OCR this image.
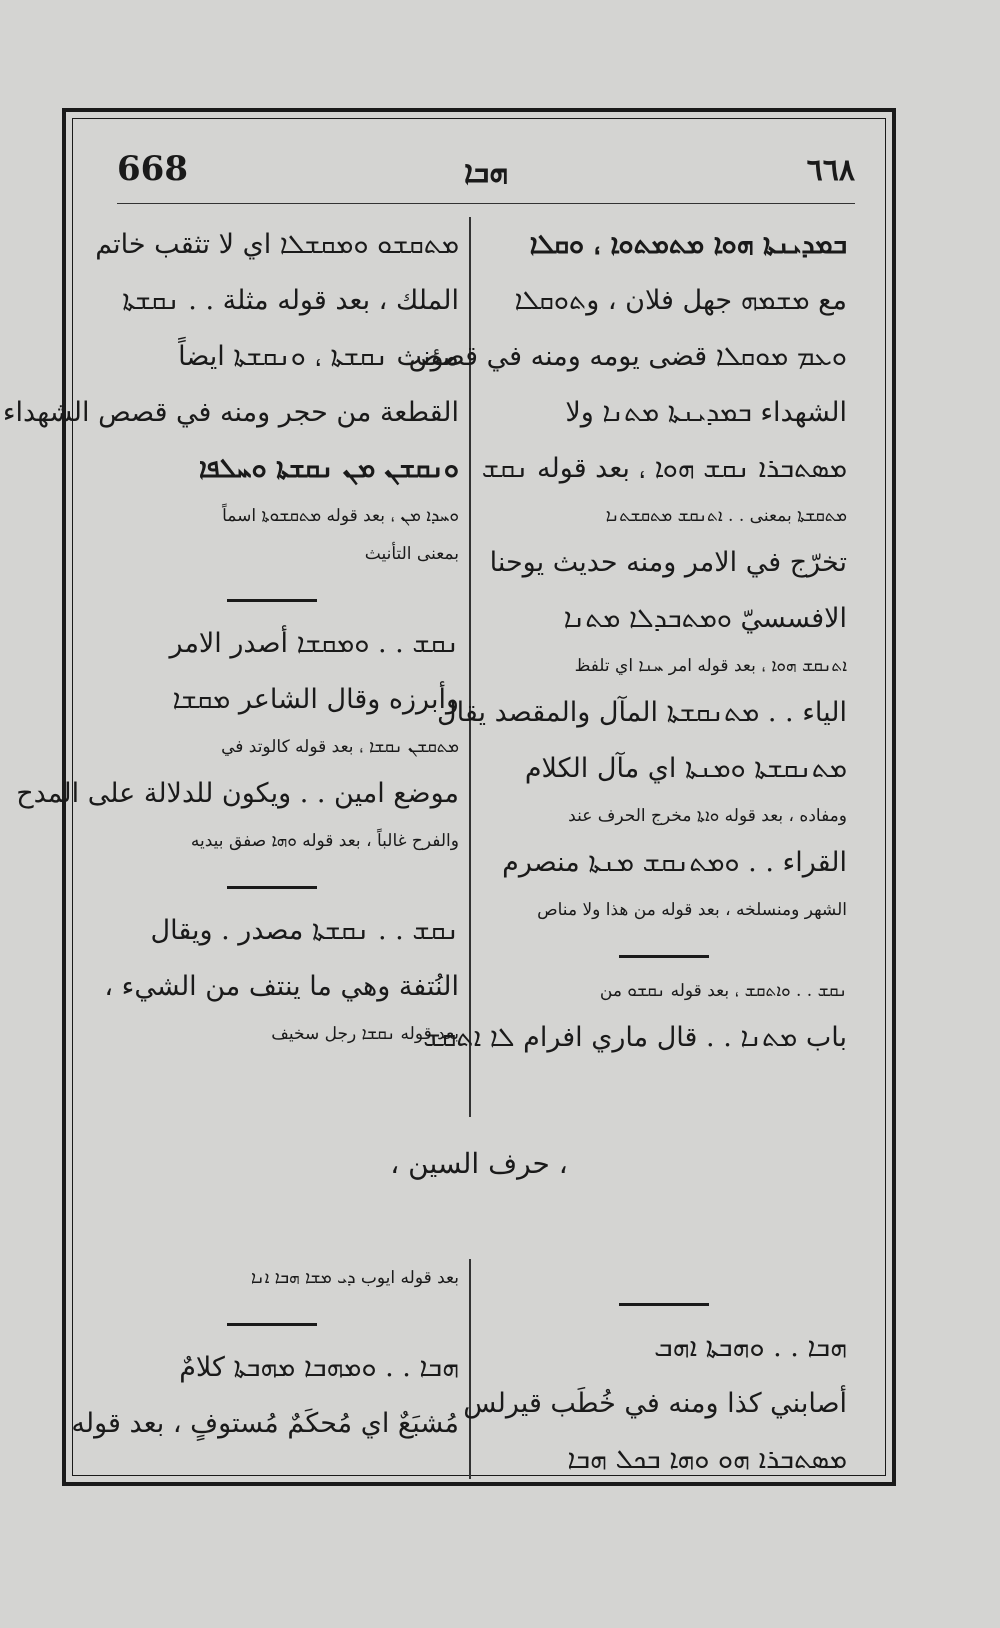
668	ܗܒܐ	٦٦٨
ܒܡܕܝܢܬܐ ܗܘܐ ܡܬܡܬܘܐ ، ܘܩܠܐ
مع ܡܫܡܗ جهل فلان ، وܬܘܩܠܐ
ܘܥܡ ܡܘܩܠܐ قضى يومه ومنه في قصص
الشهداء ܒܡܕܝܢܬܐ ܡܬܢܐ ولا
ܡܣܬܒܪܐ ܢܩܫ ܗܘܐ ، بعد قوله ܢܩܫ
ܡܬܩܫܬܐ بمعنى . . ܐܬܢܩܫ ܡܬܩܫܬܢܐ
تخرّج في الامر ومنه حديث يوحنا
الافسسيّ ܘܡܬܒܕܠܐ ܡܬܢܐ
ܐܬܢܩܫ ܗܘܐ ، بعد قوله امر ܚܢܐ اي تلفظ
الياء . . ܡܬܢܩܫܬܐ المآل والمقصد يقال
ܡܬܢܩܫܬܐ ܘܡܢܬܐ اي مآل الكلام
ومفاده ، بعد قوله ܘܐܬܐ مخرج الحرف عند
القراء . . ܘܡܬܢܩܫ ܡܢܬܐ منصرم
الشهر ومنسلخه ، بعد قوله من هذا ولا مناص
ܢܩܫ . . ܘܐܬܩܫ ، بعد قوله ܢܩܫܘ من
باب ܡܬܢܐ . . قال ماري افرام ܠܐ ܐܬܩܫ
ܡܬܩܫܘ ܘܡܩܫܠܐ اي لا تثقب خاتم
الملك ، بعد قوله مثلة . . ܢܩܫܬܐ
مؤنث ܢܩܫܬܐ ، ܘܢܩܫܬܐ ايضاً
القطعة من حجر ومنه في قصص الشهداء
ܘܢܩܫܢ ܡܢ ܢܩܫܬܐ ܘܚܠܦܐ
ܘܚܕܐ ܡܢ ، بعد قوله ܡܬܩܫܘܬܐ اسماً
بمعنى التأنيث
ܢܩܫ . . ܘܡܩܫܐ أصدر الامر
وأبرزه وقال الشاعر ܡܩܫܐ
ܡܬܩܫܢ ܢܩܫܐ ، بعد قوله كالوتد في
موضع امين . . ويكون للدلالة على المدح
والفرح غالباً ، بعد قوله ܘܗܐ صفق بيديه
ܢܩܫ . . ܢܩܫܬܐ مصدر . ويقال
النُتفة وهي ما ينتف من الشيء ،
بعد قوله ܢܩܫܐ رجل سخيف
، حرف السين ،
بعد قوله ايوب ܕܝ ܡܫܐ ܗܒܐ ܐܢܐ
ܗܒܐ . . ܘܡܗܒܐ ܡܗܒܬܐ كلامٌ
مُشبَعٌ اي مُحكَمٌ مُستوفٍ ، بعد قوله
ܗܒܐ . . ܘܗܒܬܐ ܐܗܒ
أصابني كذا ومنه في خُطَب قيرلس
ܡܣܬܒܪܐ ܗܘ ܘܗܐ ܒܟܠ ܗܒܐ
